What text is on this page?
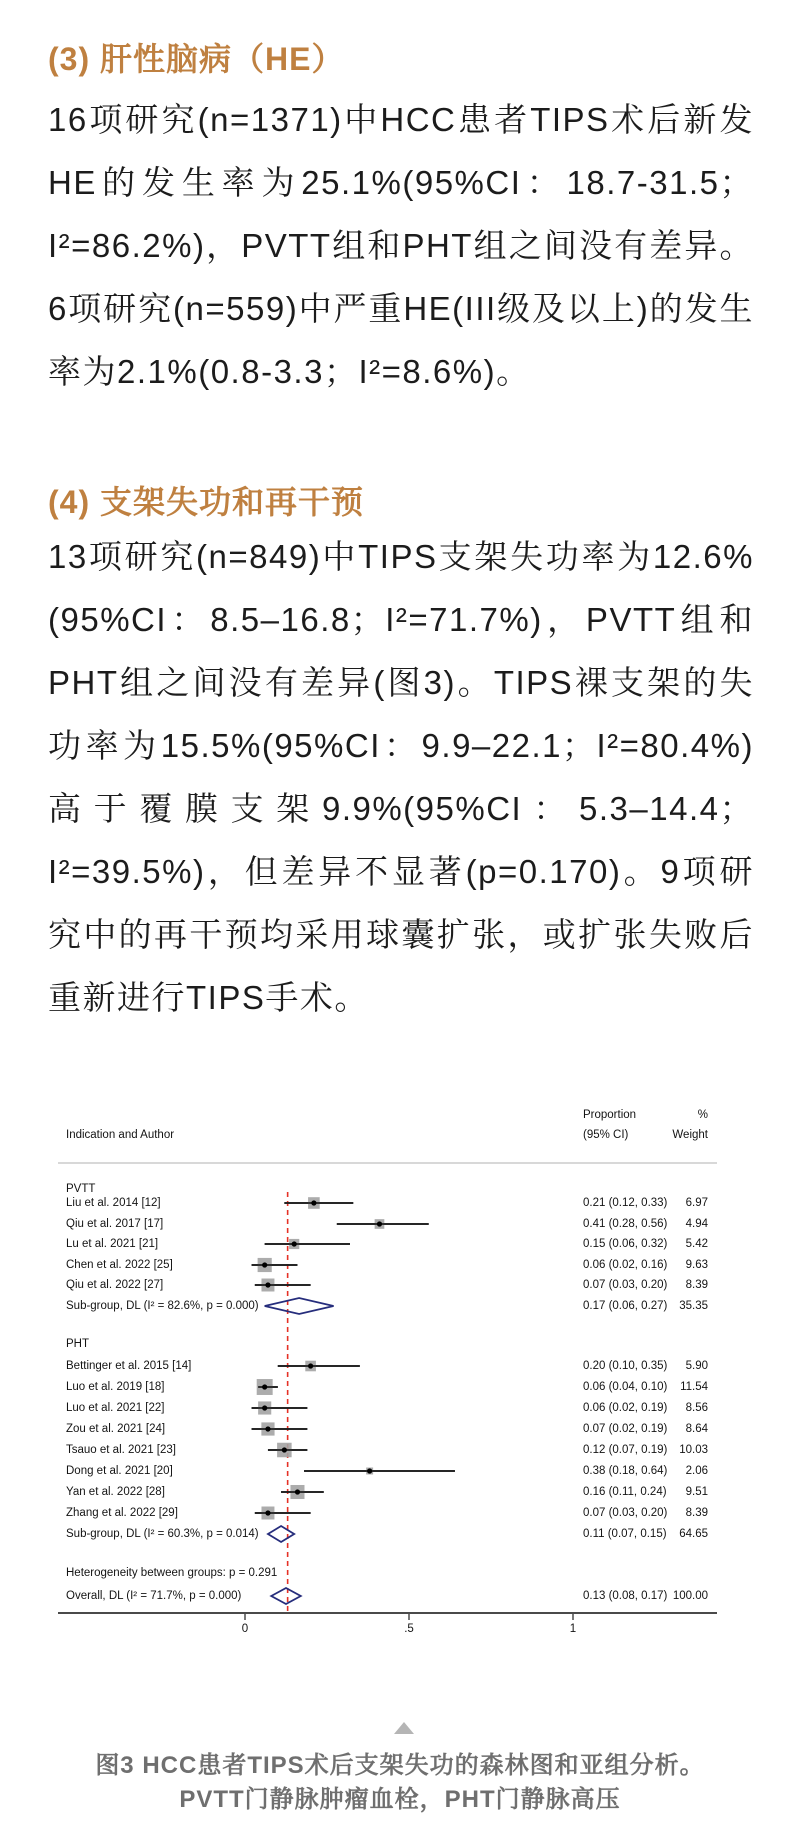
(3) 肝性脑病（HE）
16项研究(n=1371)中HCC患者TIPS术后新发HE的发生率为25.1%(95%CI：18.7-31.5；I²=86.2%)，PVTT组和PHT组之间没有差异。6项研究(n=559)中严重HE(III级及以上)的发生率为2.1%(0.8-3.3；I²=8.6%)。
(4) 支架失功和再干预
13项研究(n=849)中TIPS支架失功率为12.6%(95%CI：8.5–16.8；I²=71.7%)，PVTT组和PHT组之间没有差异(图3)。TIPS裸支架的失功率为15.5%(95%CI：9.9–22.1；I²=80.4%)高于覆膜支架9.9%(95%CI：5.3–14.4；I²=39.5%)，但差异不显著(p=0.170)。9项研究中的再干预均采用球囊扩张，或扩张失败后重新进行TIPS手术。
Indication and Author
Proportion
(95% CI)
%
Weight
PVTT
Liu et al. 2014 [12]	0.21 (0.12, 0.33)	6.97
Qiu et al. 2017 [17]	0.41 (0.28, 0.56)	4.94
Lu et al. 2021 [21]	0.15 (0.06, 0.32)	5.42
Chen et al. 2022 [25]	0.06 (0.02, 0.16)	9.63
Qiu et al. 2022 [27]	0.07 (0.03, 0.20)	8.39
Sub-group, DL (I² = 82.6%, p = 0.000)	0.17 (0.06, 0.27)	35.35
PHT
Bettinger et al. 2015 [14]	0.20 (0.10, 0.35)	5.90
Luo et al. 2019 [18]	0.06 (0.04, 0.10)	11.54
Luo et al. 2021 [22]	0.06 (0.02, 0.19)	8.56
Zou et al. 2021 [24]	0.07 (0.02, 0.19)	8.64
Tsauo et al. 2021 [23]	0.12 (0.07, 0.19)	10.03
Dong et al. 2021 [20]	0.38 (0.18, 0.64)	2.06
Yan et al. 2022 [28]	0.16 (0.11, 0.24)	9.51
Zhang et al. 2022 [29]	0.07 (0.03, 0.20)	8.39
Sub-group, DL (I² = 60.3%, p = 0.014)	0.11 (0.07, 0.15)	64.65
Heterogeneity between groups: p = 0.291
Overall, DL (I² = 71.7%, p = 0.000)	0.13 (0.08, 0.17) 100.00
0	.5	1
图3 HCC患者TIPS术后支架失功的森林图和亚组分析。
PVTT门静脉肿瘤血栓，PHT门静脉高压
